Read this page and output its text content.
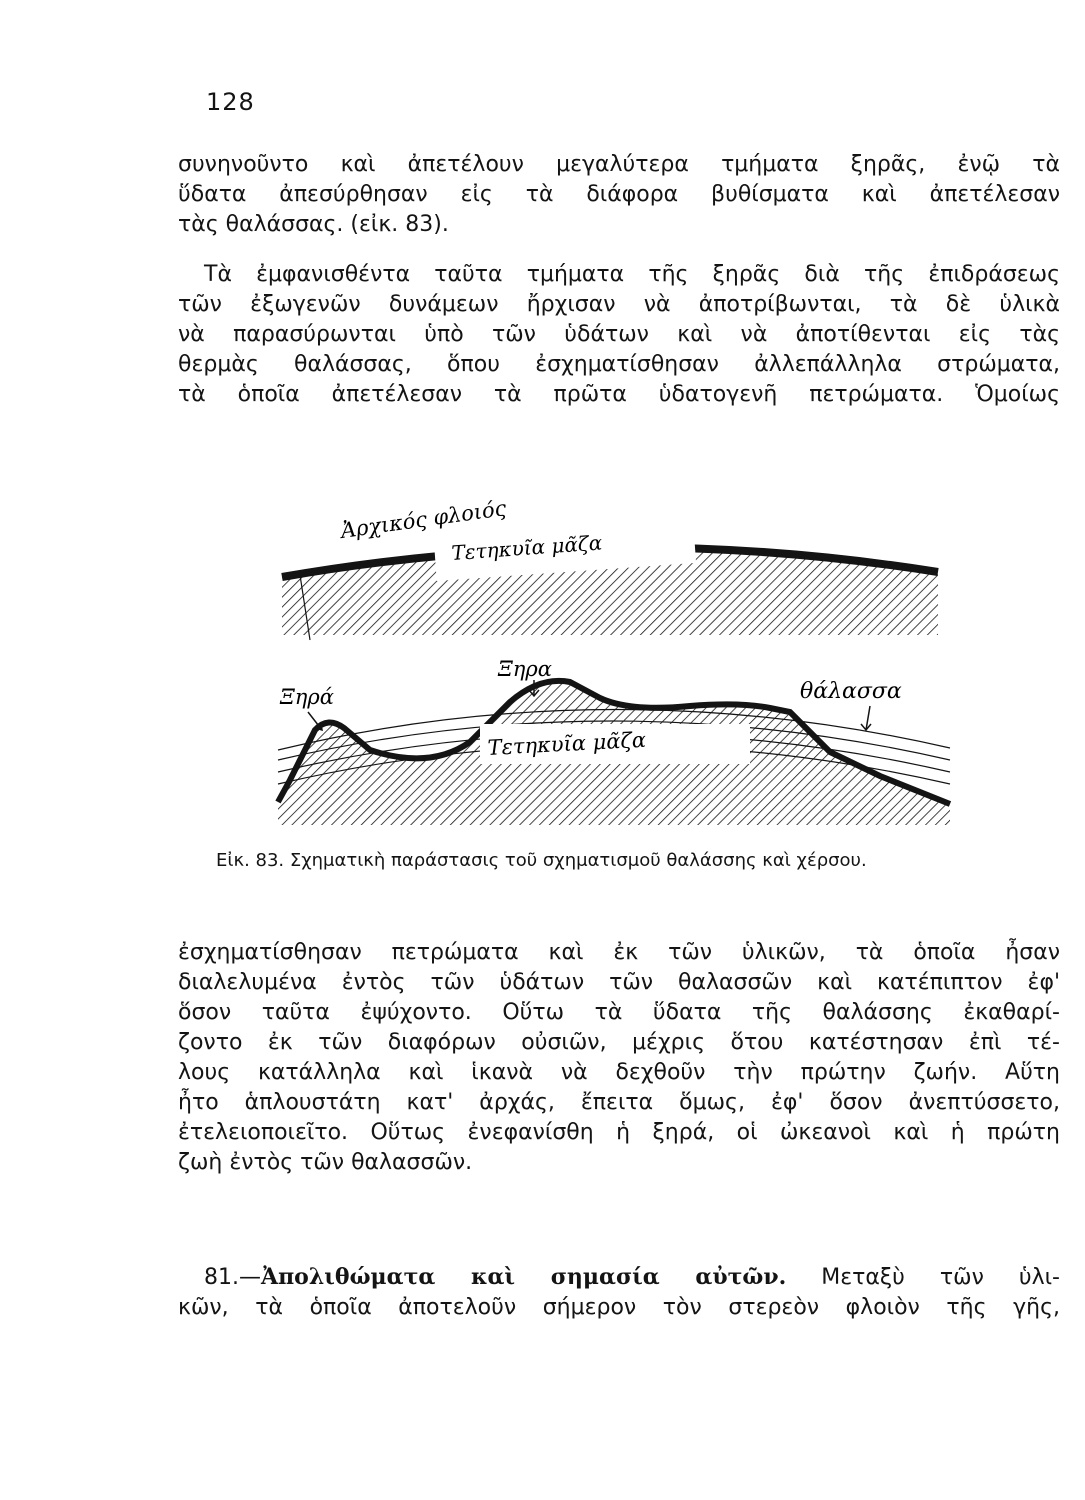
128
συνηνοῦντο καὶ ἀπετέλουν μεγαλύτερα τμήματα ξηρᾶς, ἐνῷ τὰ
ὕδατα ἀπεσύρθησαν εἰς τὰ διάφορα βυθίσματα καὶ ἀπετέλεσαν
τὰς θαλάσσας. (εἰκ. 83).
Τὰ ἐμφανισθέντα ταῦτα τμήματα τῆς ξηρᾶς διὰ τῆς ἐπιδράσεως
τῶν ἐξωγενῶν δυνάμεων ἤρχισαν νὰ ἀποτρίβωνται, τὰ δὲ ὑλικὰ
νὰ παρασύρωνται ὑπὸ τῶν ὑδάτων καὶ νὰ ἀποτίθενται εἰς τὰς
θερμὰς θαλάσσας, ὅπου ἐσχηματίσθησαν ἀλλεπάλληλα στρώματα,
τὰ ὁποῖα ἀπετέλεσαν τὰ πρῶτα ὑδατογενῆ πετρώματα. Ὁμοίως
Ἀρχικός φλοιός
Τετηκυῖα μᾶζα
Τετηκυῖα μᾶζα
Ξηρά
Ξηρα
θάλασσα
Εἰκ. 83. Σχηματικὴ παράστασις τοῦ σχηματισμοῦ θαλάσσης καὶ χέρσου.
ἐσχηματίσθησαν πετρώματα καὶ ἐκ τῶν ὑλικῶν, τὰ ὁποῖα ἦσαν
διαλελυμένα ἐντὸς τῶν ὑδάτων τῶν θαλασσῶν καὶ κατέπιπτον ἐφ'
ὅσον ταῦτα ἐψύχοντο. Οὕτω τὰ ὕδατα τῆς θαλάσσης ἐκαθαρί-
ζοντο ἐκ τῶν διαφόρων οὐσιῶν, μέχρις ὅτου κατέστησαν ἐπὶ τέ-
λους κατάλληλα καὶ ἱκανὰ νὰ δεχθοῦν τὴν πρώτην ζωήν. Αὕτη
ἦτο ἁπλουστάτη κατ' ἀρχάς, ἔπειτα ὅμως, ἐφ' ὅσον ἀνεπτύσσετο,
ἐτελειοποιεῖτο. Οὕτως ἐνεφανίσθη ἡ ξηρά, οἱ ὠκεανοὶ καὶ ἡ πρώτη
ζωὴ ἐντὸς τῶν θαλασσῶν.
81.—Ἀπολιθώματα καὶ σημασία αὐτῶν. Μεταξὺ τῶν ὑλι-
κῶν, τὰ ὁποῖα ἀποτελοῦν σήμερον τὸν στερεὸν φλοιὸν τῆς γῆς,
